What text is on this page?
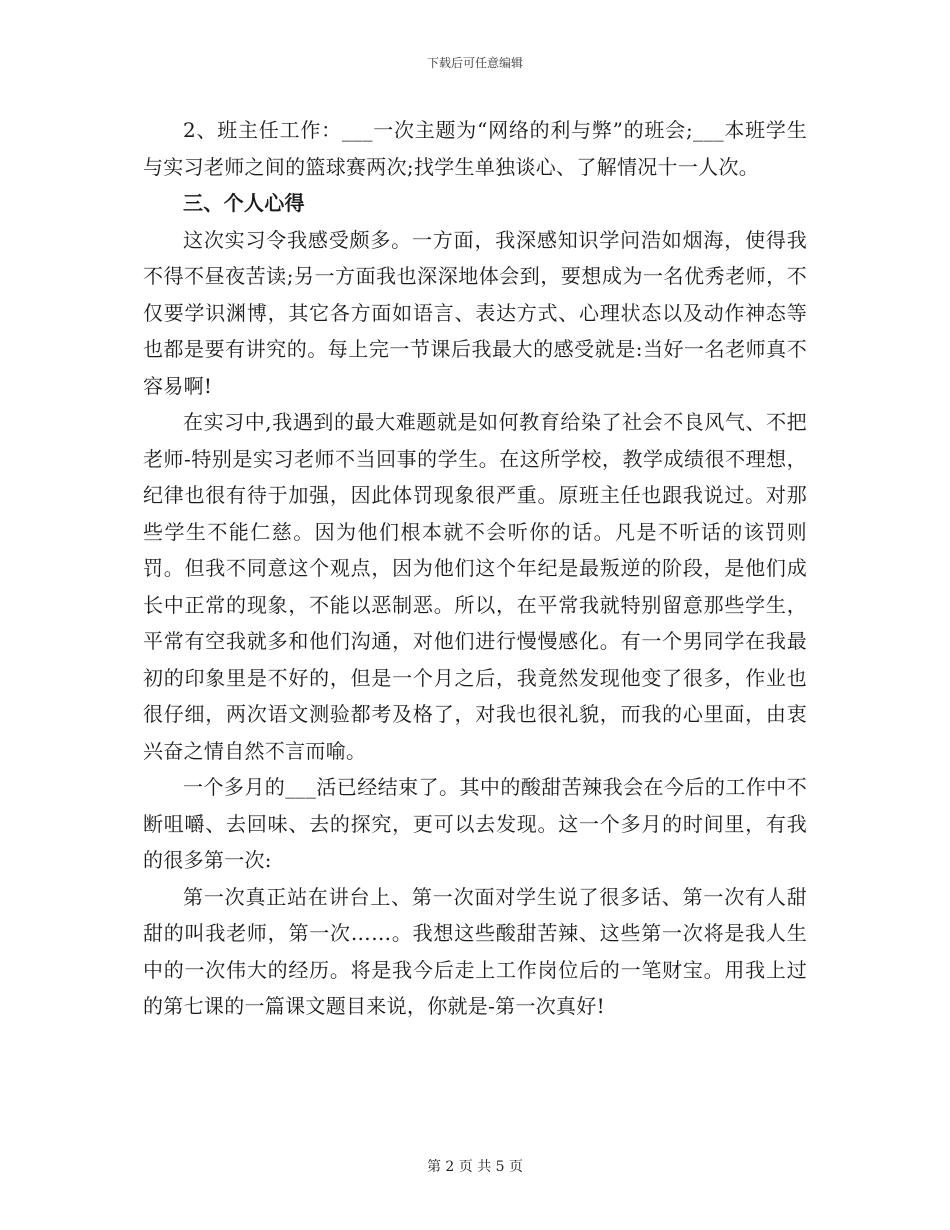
下载后可任意编辑

2、班主任工作：___一次主题为“网络的利与弊”的班会;___本班学生与实习老师之间的篮球赛两次;找学生单独谈心、了解情况十一人次。

三、个人心得

这次实习令我感受颇多。一方面，我深感知识学问浩如烟海，使得我不得不昼夜苦读;另一方面我也深深地体会到，要想成为一名优秀老师，不仅要学识渊博，其它各方面如语言、表达方式、心理状态以及动作神态等也都是要有讲究的。每上完一节课后我最大的感受就是:当好一名老师真不容易啊!

在实习中,我遇到的最大难题就是如何教育给染了社会不良风气、不把老师-特别是实习老师不当回事的学生。在这所学校，教学成绩很不理想，纪律也很有待于加强，因此体罚现象很严重。原班主任也跟我说过。对那些学生不能仁慈。因为他们根本就不会听你的话。凡是不听话的该罚则罚。但我不同意这个观点，因为他们这个年纪是最叛逆的阶段，是他们成长中正常的现象，不能以恶制恶。所以，在平常我就特别留意那些学生，平常有空我就多和他们沟通，对他们进行慢慢感化。有一个男同学在我最初的印象里是不好的，但是一个月之后，我竟然发现他变了很多，作业也很仔细，两次语文测验都考及格了，对我也很礼貌，而我的心里面，由衷兴奋之情自然不言而喻。

一个多月的___活已经结束了。其中的酸甜苦辣我会在今后的工作中不断咀嚼、去回味、去的探究，更可以去发现。这一个多月的时间里，有我的很多第一次:

第一次真正站在讲台上、第一次面对学生说了很多话、第一次有人甜甜的叫我老师，第一次……。我想这些酸甜苦辣、这些第一次将是我人生中的一次伟大的经历。将是我今后走上工作岗位后的一笔财宝。用我上过的第七课的一篇课文题目来说，你就是-第一次真好!

第 2 页 共 5 页
